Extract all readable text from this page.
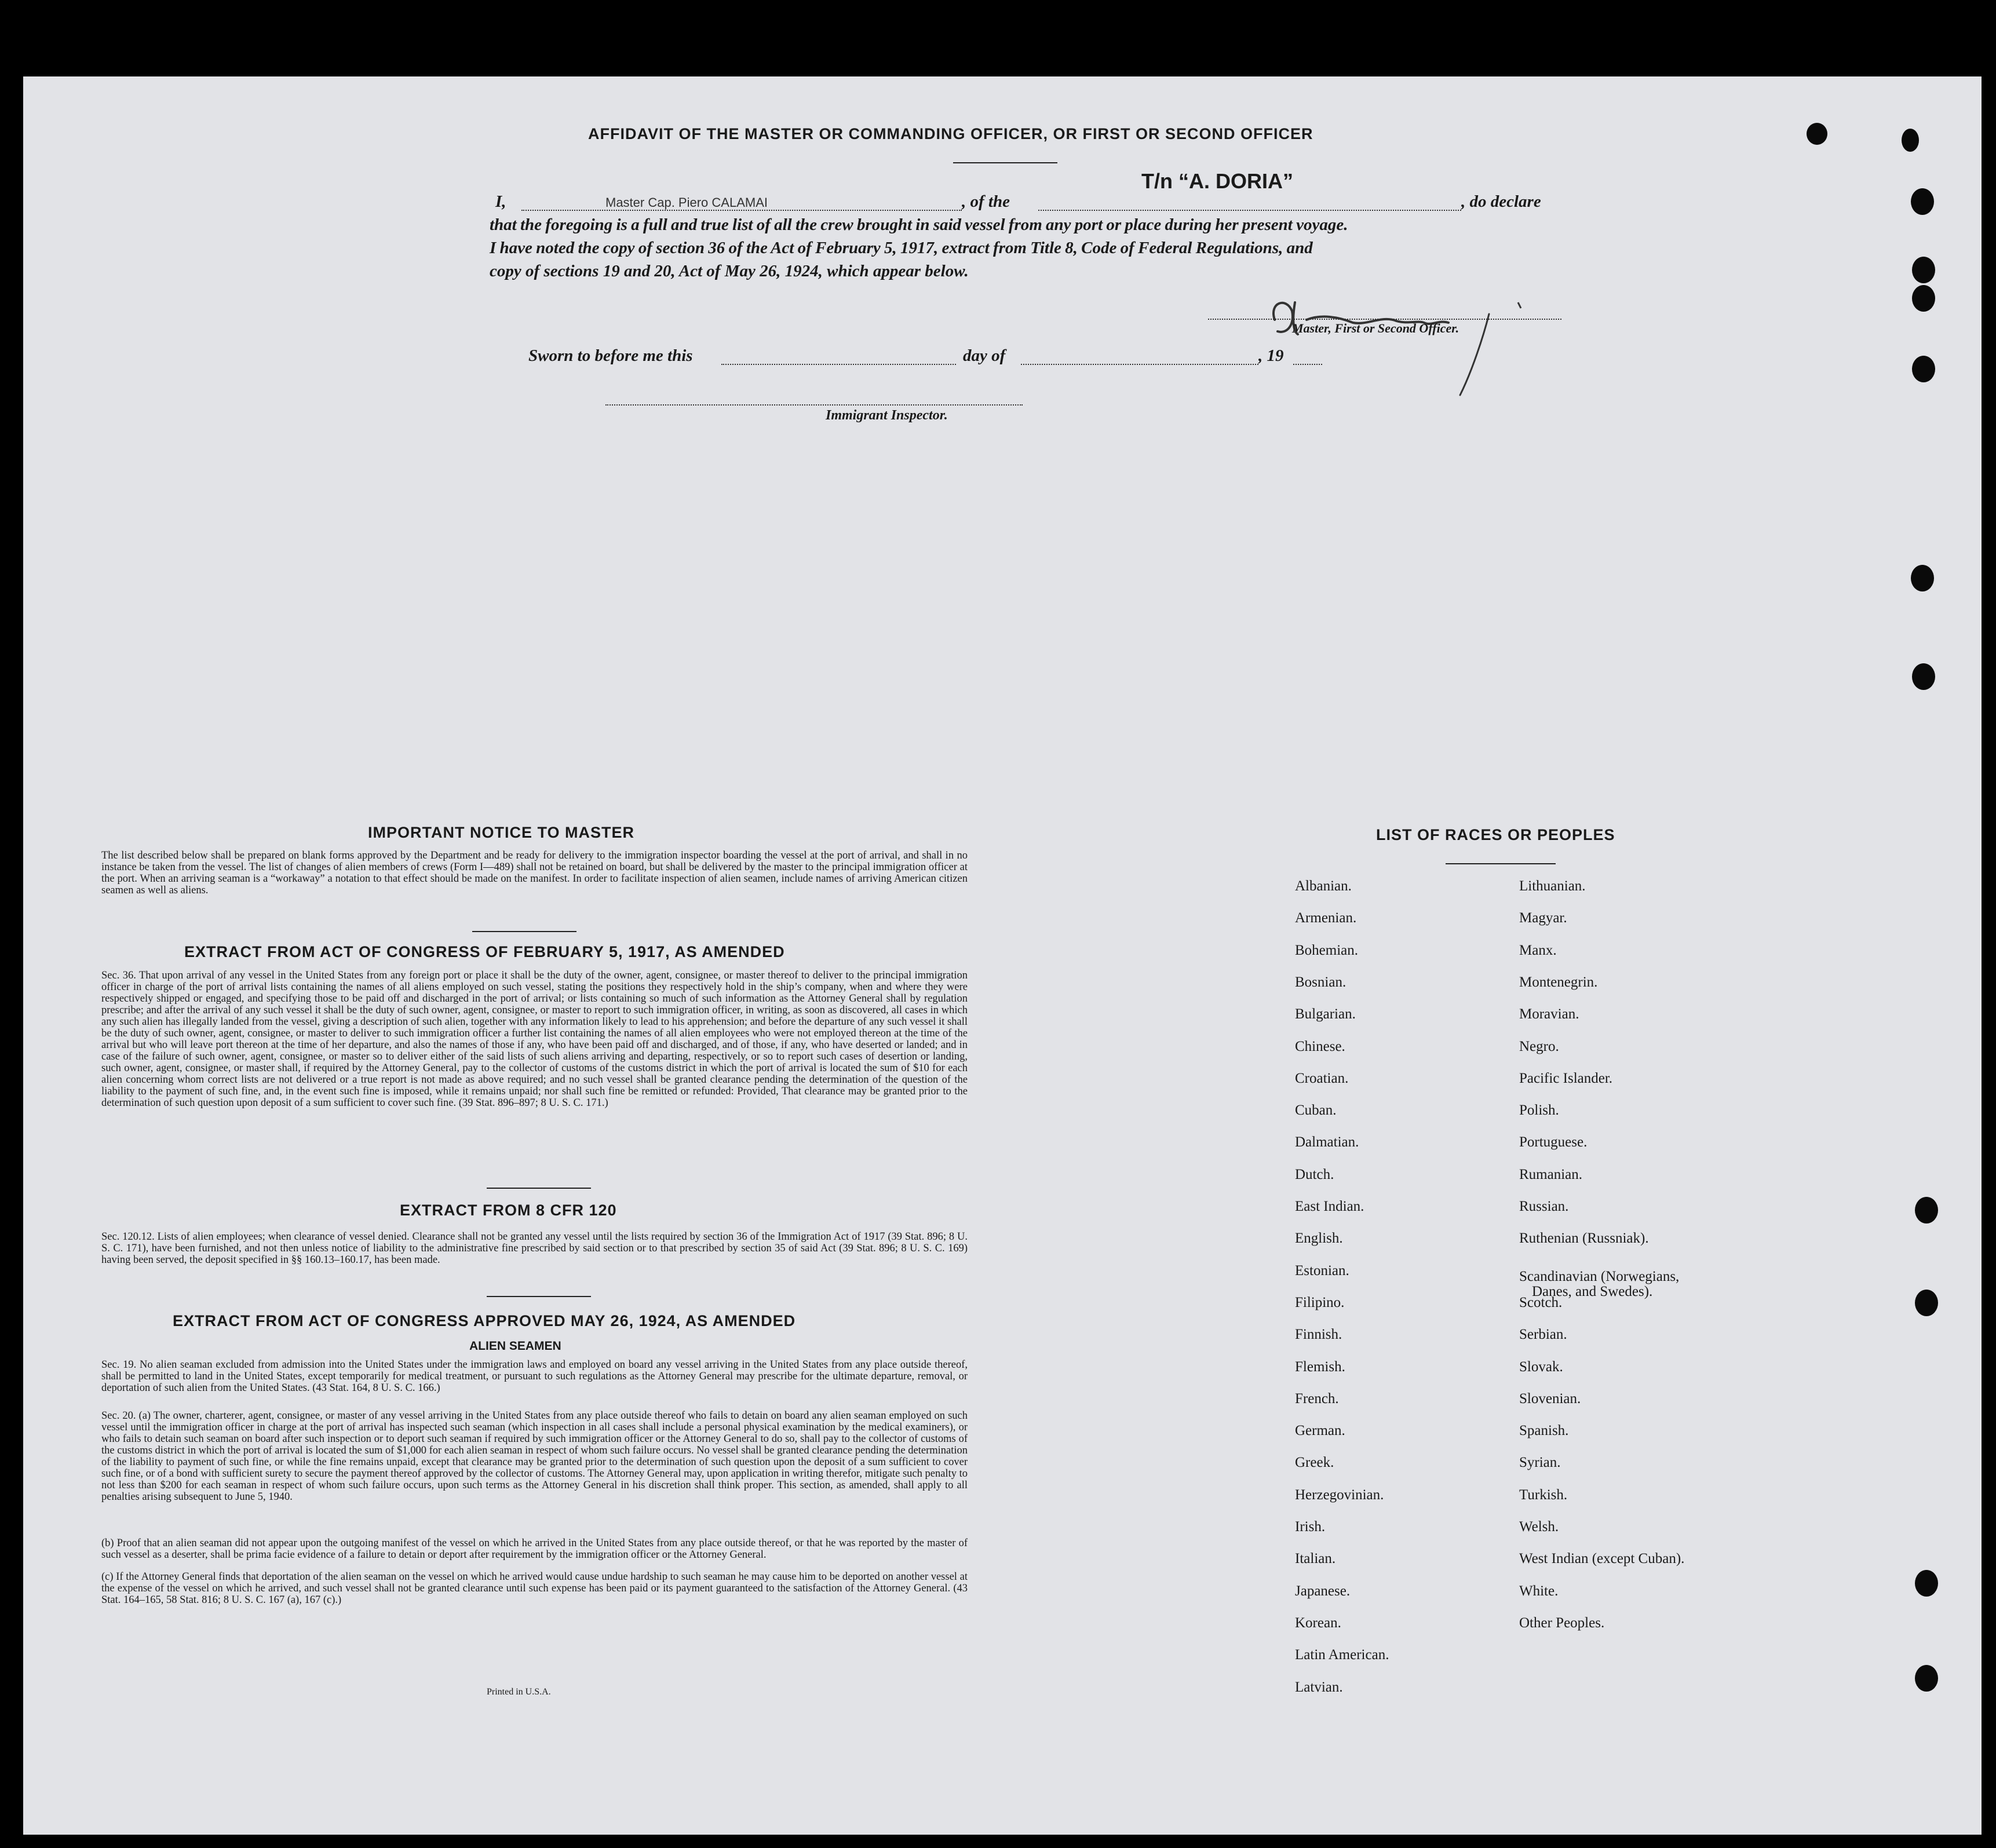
AFFIDAVIT OF THE MASTER OR COMMANDING OFFICER, OR FIRST OR SECOND OFFICER
I,	Master Cap. Piero CALAMAI	, of the
T/n “A. DORIA”
, do declare
that the foregoing is a full and true list of all the crew brought in said vessel from any port or place during her present voyage.
I have noted the copy of section 36 of the Act of February 5, 1917, extract from Title 8, Code of Federal Regulations, and
copy of sections 19 and 20, Act of May 26, 1924, which appear below.
Master, First or Second Officer.
Sworn to before me this	day of	, 19
Immigrant Inspector.
IMPORTANT NOTICE TO MASTER
The list described below shall be prepared on blank forms approved by the Department and be ready for delivery to the immigration inspector boarding the vessel at the port of arrival, and shall in no instance be taken from the vessel. The list of changes of alien members of crews (Form I—489) shall not be retained on board, but shall be delivered by the master to the principal immigration officer at the port. When an arriving seaman is a “workaway” a notation to that effect should be made on the manifest. In order to facilitate inspection of alien seamen, include names of arriving American citizen seamen as well as aliens.
EXTRACT FROM ACT OF CONGRESS OF FEBRUARY 5, 1917, AS AMENDED
Sec. 36. That upon arrival of any vessel in the United States from any foreign port or place it shall be the duty of the owner, agent, consignee, or master thereof to deliver to the principal immigration officer in charge of the port of arrival lists containing the names of all aliens employed on such vessel, stating the positions they respectively hold in the ship’s company, when and where they were respectively shipped or engaged, and specifying those to be paid off and discharged in the port of arrival; or lists containing so much of such information as the Attorney General shall by regulation prescribe; and after the arrival of any such vessel it shall be the duty of such owner, agent, consignee, or master to report to such immigration officer, in writing, as soon as discovered, all cases in which any such alien has illegally landed from the vessel, giving a description of such alien, together with any information likely to lead to his apprehension; and before the departure of any such vessel it shall be the duty of such owner, agent, consignee, or master to deliver to such immigration officer a further list containing the names of all alien employees who were not employed thereon at the time of the arrival but who will leave port thereon at the time of her departure, and also the names of those if any, who have been paid off and discharged, and of those, if any, who have deserted or landed; and in case of the failure of such owner, agent, consignee, or master so to deliver either of the said lists of such aliens arriving and departing, respectively, or so to report such cases of desertion or landing, such owner, agent, consignee, or master shall, if required by the Attorney General, pay to the collector of customs of the customs district in which the port of arrival is located the sum of $10 for each alien concerning whom correct lists are not delivered or a true report is not made as above required; and no such vessel shall be granted clearance pending the determination of the question of the liability to the payment of such fine, and, in the event such fine is imposed, while it remains unpaid; nor shall such fine be remitted or refunded: Provided, That clearance may be granted prior to the determination of such question upon deposit of a sum sufficient to cover such fine. (39 Stat. 896–897; 8 U. S. C. 171.)
EXTRACT FROM 8 CFR 120
Sec. 120.12. Lists of alien employees; when clearance of vessel denied. Clearance shall not be granted any vessel until the lists required by section 36 of the Immigration Act of 1917 (39 Stat. 896; 8 U. S. C. 171), have been furnished, and not then unless notice of liability to the administrative fine prescribed by said section or to that prescribed by section 35 of said Act (39 Stat. 896; 8 U. S. C. 169) having been served, the deposit specified in §§ 160.13–160.17, has been made.
EXTRACT FROM ACT OF CONGRESS APPROVED MAY 26, 1924, AS AMENDED
ALIEN SEAMEN
Sec. 19. No alien seaman excluded from admission into the United States under the immigration laws and employed on board any vessel arriving in the United States from any place outside thereof, shall be permitted to land in the United States, except temporarily for medical treatment, or pursuant to such regulations as the Attorney General may prescribe for the ultimate departure, removal, or deportation of such alien from the United States. (43 Stat. 164, 8 U. S. C. 166.)
Sec. 20. (a) The owner, charterer, agent, consignee, or master of any vessel arriving in the United States from any place outside thereof who fails to detain on board any alien seaman employed on such vessel until the immigration officer in charge at the port of arrival has inspected such seaman (which inspection in all cases shall include a personal physical examination by the medical examiners), or who fails to detain such seaman on board after such inspection or to deport such seaman if required by such immigration officer or the Attorney General to do so, shall pay to the collector of customs of the customs district in which the port of arrival is located the sum of $1,000 for each alien seaman in respect of whom such failure occurs. No vessel shall be granted clearance pending the determination of the liability to payment of such fine, or while the fine remains unpaid, except that clearance may be granted prior to the determination of such question upon the deposit of a sum sufficient to cover such fine, or of a bond with sufficient surety to secure the payment thereof approved by the collector of customs. The Attorney General may, upon application in writing therefor, mitigate such penalty to not less than $200 for each seaman in respect of whom such failure occurs, upon such terms as the Attorney General in his discretion shall think proper. This section, as amended, shall apply to all penalties arising subsequent to June 5, 1940.
(b) Proof that an alien seaman did not appear upon the outgoing manifest of the vessel on which he arrived in the United States from any place outside thereof, or that he was reported by the master of such vessel as a deserter, shall be prima facie evidence of a failure to detain or deport after requirement by the immigration officer or the Attorney General.
(c) If the Attorney General finds that deportation of the alien seaman on the vessel on which he arrived would cause undue hardship to such seaman he may cause him to be deported on another vessel at the expense of the vessel on which he arrived, and such vessel shall not be granted clearance until such expense has been paid or its payment guaranteed to the satisfaction of the Attorney General. (43 Stat. 164–165, 58 Stat. 816; 8 U. S. C. 167 (a), 167 (c).)
Printed in U.S.A.
LIST OF RACES OR PEOPLES
Albanian.
Armenian.
Bohemian.
Bosnian.
Bulgarian.
Chinese.
Croatian.
Cuban.
Dalmatian.
Dutch.
East Indian.
English.
Estonian.
Filipino.
Finnish.
Flemish.
French.
German.
Greek.
Herzegovinian.
Irish.
Italian.
Japanese.
Korean.
Latin American.
Latvian.
Lithuanian.
Magyar.
Manx.
Montenegrin.
Moravian.
Negro.
Pacific Islander.
Polish.
Portuguese.
Rumanian.
Russian.
Ruthenian (Russniak).
Scandinavian (Norwegians,
Danes, and Swedes).
Scotch.
Serbian.
Slovak.
Slovenian.
Spanish.
Syrian.
Turkish.
Welsh.
West Indian (except Cuban).
White.
Other Peoples.
